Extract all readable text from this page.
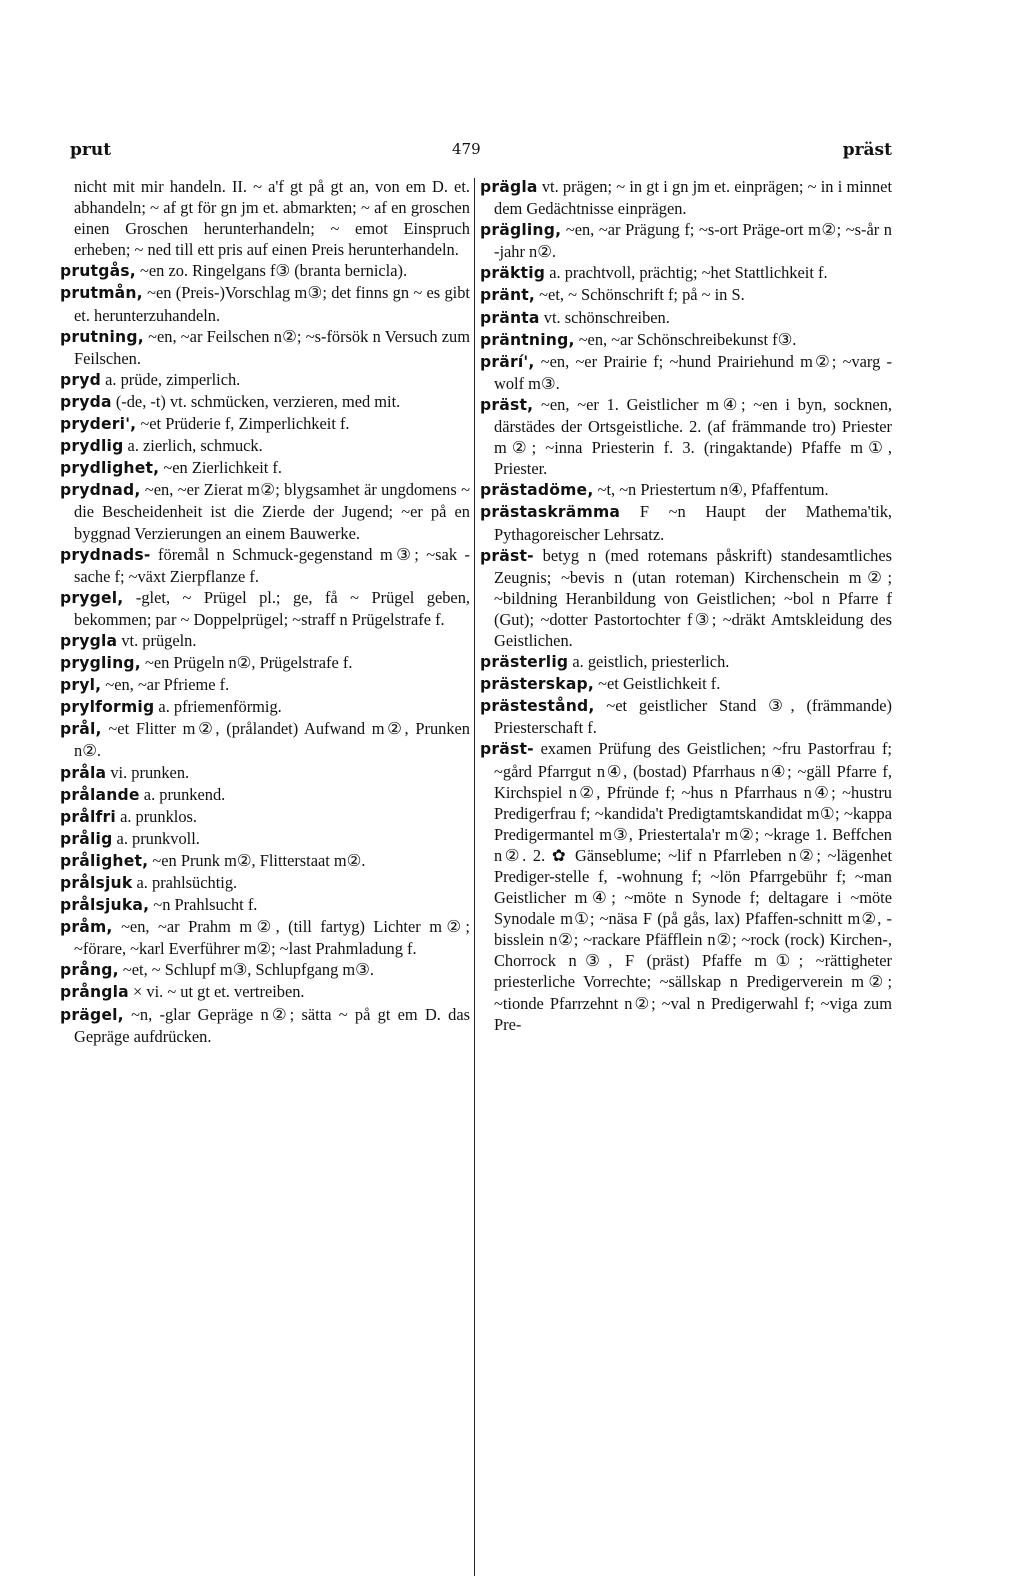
prut	479	präst

nicht mit mir handeln. II. ~ a'f gt på gt an, von em D. et. abhandeln; ~ af gt för gn jm et. abmarkten; ~ af en groschen einen Groschen herunterhandeln; ~ emot Einspruch erheben; ~ ned till ett pris auf einen Preis herunterhandeln.

prutgås, ~en zo. Ringelgans f③ (branta bernicla).

prutmån, ~en (Preis-)Vorschlag m③; det finns gn ~ es gibt et. herunterzuhandeln.

prutning, ~en, ~ar Feilschen n②; ~s-försök n Versuch zum Feilschen.

pryd a. prüde, zimperlich.

pryda (-de, -t) vt. schmücken, verzieren, med mit.

pryderi', ~et Prüderie f, Zimperlichkeit f.

prydlig a. zierlich, schmuck.

prydlighet, ~en Zierlichkeit f.

prydnad, ~en, ~er Zierat m②; blygsamhet är ungdomens ~ die Bescheidenheit ist die Zierde der Jugend; ~er på en byggnad Verzierungen an einem Bauwerke.

prydnads- föremål n Schmuck-gegenstand m③; ~sak -sache f; ~växt Zierpflanze f.

prygel, -glet, ~ Prügel pl.; ge, få ~ Prügel geben, bekommen; par ~ Doppelprügel; ~straff n Prügelstrafe f.

prygla vt. prügeln.

prygling, ~en Prügeln n②, Prügelstrafe f.

pryl, ~en, ~ar Pfrieme f.

prylformig a. pfriemenförmig.

prål, ~et Flitter m②, (prålandet) Aufwand m②, Prunken n②.

pråla vi. prunken.

prålande a. prunkend.

prålfri a. prunklos.

prålig a. prunkvoll.

prålighet, ~en Prunk m②, Flitterstaat m②.

prålsjuk a. prahlsüchtig.

prålsjuka, ~n Prahlsucht f.

pråm, ~en, ~ar Prahm m②, (till fartyg) Lichter m②; ~förare, ~karl Everführer m②; ~last Prahmladung f.

prång, ~et, ~ Schlupf m③, Schlupfgang m③.

prångla × vi. ~ ut gt et. vertreiben.

prägel, ~n, -glar Gepräge n②; sätta ~ på gt em D. das Gepräge aufdrücken.

prägla vt. prägen; ~ in gt i gn jm et. einprägen; ~ in i minnet dem Gedächtnisse einprägen.

prägling, ~en, ~ar Prägung f; ~s-ort Präge-ort m②; ~s-år n -jahr n②.

präktig a. prachtvoll, prächtig; ~het Stattlichkeit f.

pränt, ~et, ~ Schönschrift f; på ~ in S.

pränta vt. schönschreiben.

präntning, ~en, ~ar Schönschreibekunst f③.

prärí', ~en, ~er Prairie f; ~hund Prairiehund m②; ~varg -wolf m③.

präst, ~en, ~er 1. Geistlicher m④; ~en i byn, socknen, därstädes der Ortsgeistliche. 2. (af främmande tro) Priester m②; ~inna Priesterin f. 3. (ringaktande) Pfaffe m①, Priester.

prästadöme, ~t, ~n Priestertum n④, Pfaffentum.

prästaskrämma F ~n Haupt der Mathema'tik, Pythagoreischer Lehrsatz.

präst- betyg n (med rotemans påskrift) standesamtliches Zeugnis; ~bevis n (utan roteman) Kirchenschein m②; ~bildning Heranbildung von Geistlichen; ~bol n Pfarre f (Gut); ~dotter Pastortochter f③; ~dräkt Amtskleidung des Geistlichen.

prästerlig a. geistlich, priesterlich.

prästerskap, ~et Geistlichkeit f.

prästestånd, ~et geistlicher Stand ③, (främmande) Priesterschaft f.

präst- examen Prüfung des Geistlichen; ~fru Pastorfrau f; ~gård Pfarrgut n④, (bostad) Pfarrhaus n④; ~gäll Pfarre f, Kirchspiel n②, Pfründe f; ~hus n Pfarrhaus n④; ~hustru Predigerfrau f; ~kandida't Predigtamtskandidat m①; ~kappa Predigermantel m③, Priestertala'r m②; ~krage 1. Beffchen n②. 2. ✿ Gänseblume; ~lif n Pfarrleben n②; ~lägenhet Prediger-stelle f, -wohnung f; ~lön Pfarrgebühr f; ~man Geistlicher m④; ~möte n Synode f; deltagare i ~möte Synodale m①; ~näsa F (på gås, lax) Pfaffen-schnitt m②, -bisslein n②; ~rackare Pfäfflein n②; ~rock (rock) Kirchen-, Chorrock n③, F (präst) Pfaffe m①; ~rättigheter priesterliche Vorrechte; ~sällskap n Predigerverein m②; ~tionde Pfarrzehnt n②; ~val n Predigerwahl f; ~viga zum Pre-
